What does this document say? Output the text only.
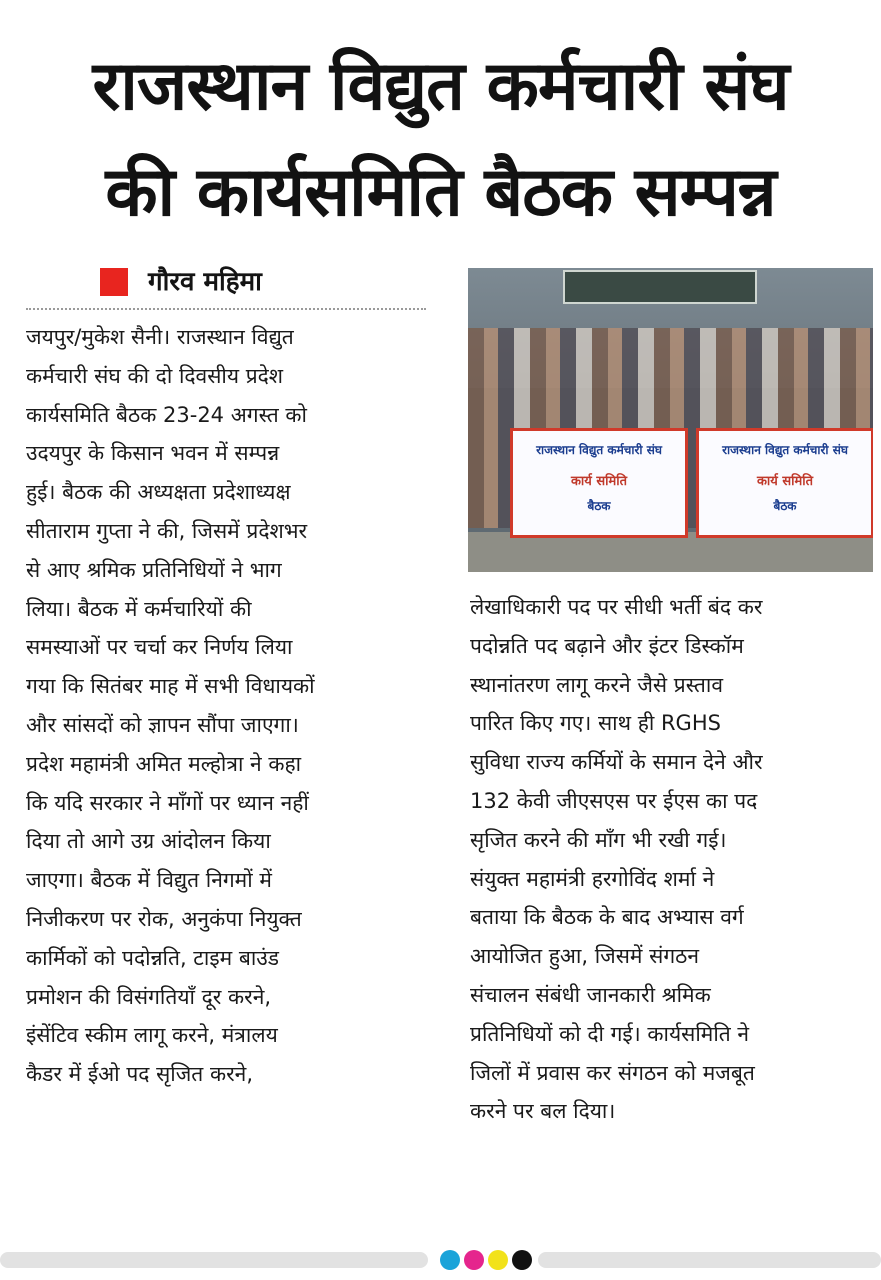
राजस्थान विद्युत कर्मचारी संघ
की कार्यसमिति बैठक सम्पन्न
गौरव महिमा
जयपुर/मुकेश सैनी। राजस्थान विद्युत
कर्मचारी संघ की दो दिवसीय प्रदेश
कार्यसमिति बैठक 23-24 अगस्त को
उदयपुर के किसान भवन में सम्पन्न
हुई। बैठक की अध्यक्षता प्रदेशाध्यक्ष
सीताराम गुप्ता ने की, जिसमें प्रदेशभर
से आए श्रमिक प्रतिनिधियों ने भाग
लिया। बैठक में कर्मचारियों की
समस्याओं पर चर्चा कर निर्णय लिया
गया कि सितंबर माह में सभी विधायकों
और सांसदों को ज्ञापन सौंपा जाएगा।
प्रदेश महामंत्री अमित मल्होत्रा ने कहा
कि यदि सरकार ने माँगों पर ध्यान नहीं
दिया तो आगे उग्र आंदोलन किया
जाएगा। बैठक में विद्युत निगमों में
निजीकरण पर रोक, अनुकंपा नियुक्त
कार्मिकों को पदोन्नति, टाइम बाउंड
प्रमोशन की विसंगतियाँ दूर करने,
इंसेंटिव स्कीम लागू करने, मंत्रालय
कैडर में ईओ पद सृजित करने,
राजस्थान विद्युत कर्मचारी संघ
कार्य समिति
बैठक
राजस्थान विद्युत कर्मचारी संघ
कार्य समिति
बैठक
लेखाधिकारी पद पर सीधी भर्ती बंद कर
पदोन्नति पद बढ़ाने और इंटर डिस्कॉम
स्थानांतरण लागू करने जैसे प्रस्ताव
पारित किए गए। साथ ही RGHS
सुविधा राज्य कर्मियों के समान देने और
132 केवी जीएसएस पर ईएस का पद
सृजित करने की माँग भी रखी गई।
संयुक्त महामंत्री हरगोविंद शर्मा ने
बताया कि बैठक के बाद अभ्यास वर्ग
आयोजित हुआ, जिसमें संगठन
संचालन संबंधी जानकारी श्रमिक
प्रतिनिधियों को दी गई। कार्यसमिति ने
जिलों में प्रवास कर संगठन को मजबूत
करने पर बल दिया।
